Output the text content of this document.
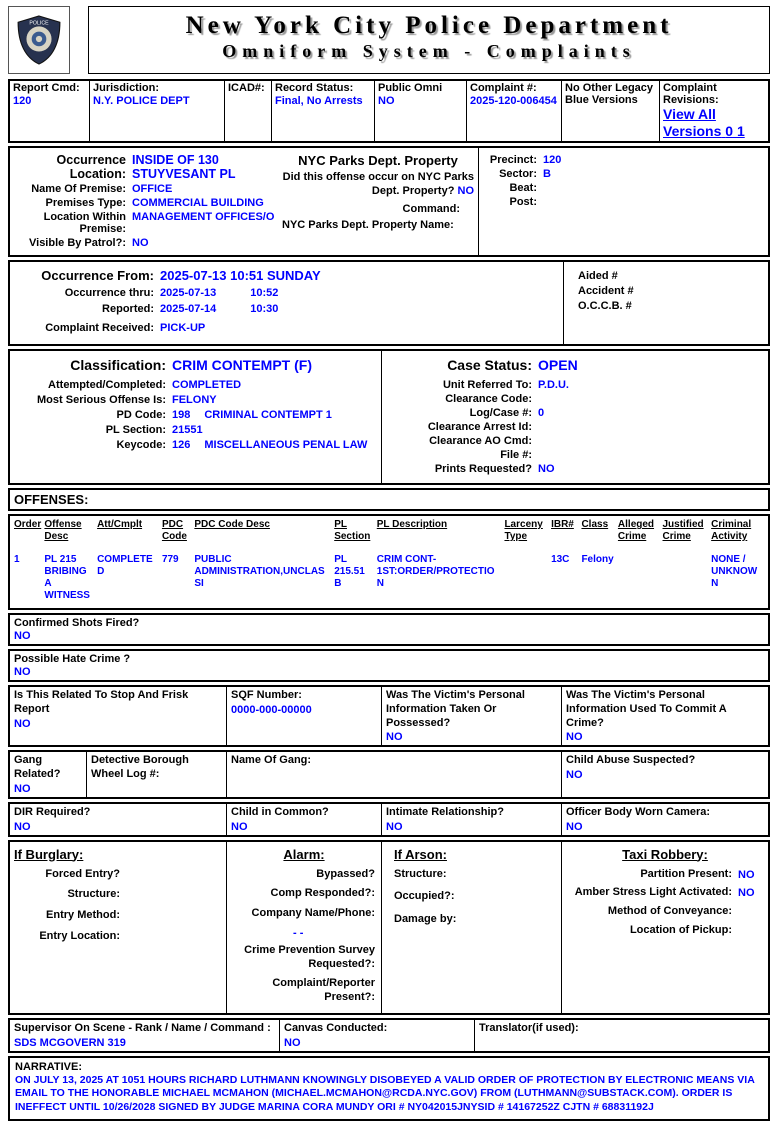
POLICE	New York City Police Department
Omniform System - Complaints
Report Cmd:
120
Jurisdiction:
N.Y. POLICE DEPT
ICAD#: Record Status:
Final, No Arrests
Public Omni
NO
Complaint #:
2025-120-006454
No Other Legacy Blue Versions
Complaint Revisions:
View All Versions 0 1
Occurrence Location:
INSIDE OF 130
STUYVESANT PL
Name Of Premise: OFFICE
Premises Type: COMMERCIAL BUILDING
Location Within Premise:
MANAGEMENT OFFICES/O
Visible By Patrol?: NO
NYC Parks Dept. Property
Did this offense occur on NYC Parks Dept. Property? NO
Command:
NYC Parks Dept. Property Name:
Precinct: 120
Sector: B
Beat:
Post:
Occurrence From: 2025-07-13 10:51 SUNDAY
Occurrence thru: 2025-07-13	10:52
Reported: 2025-07-14	10:30
Complaint Received: PICK-UP
Aided #
Accident #
O.C.C.B. #
Classification: CRIM CONTEMPT (F)
Attempted/Completed: COMPLETED
Most Serious Offense Is: FELONY
PD Code: 198 CRIMINAL CONTEMPT 1
PL Section: 21551
Keycode: 126 MISCELLANEOUS PENAL LAW
Case Status: OPEN
Unit Referred To: P.D.U.
Clearance Code:
Log/Case #: 0
Clearance Arrest Id:
Clearance AO Cmd:
File #:
Prints Requested? NO
OFFENSES:
Order	Offense Desc	Att/Cmplt	PDC Code	PDC Code Desc	PL Section	PL Description	Larceny Type	IBR#	Class	Alleged Crime	Justified Crime	Criminal Activity
1	PL 215 BRIBING A WITNESS	COMPLETED	779	PUBLIC ADMINISTRATION,UNCLASSI	PL 215.51 B	CRIM CONT-1ST:ORDER/PROTECTION		13C	Felony			NONE / UNKNOWN
Confirmed Shots Fired?
NO
Possible Hate Crime ?
NO
Is This Related To Stop And Frisk Report
NO
SQF Number:
0000-000-00000
Was The Victim's Personal Information Taken Or Possessed?
NO
Was The Victim's Personal Information Used To Commit A Crime?
NO
Gang Related?
NO
Detective Borough Wheel Log #:
Name Of Gang:	Child Abuse Suspected?
NO
DIR Required?
NO
Child in Common?
NO
Intimate Relationship?
NO
Officer Body Worn Camera:
NO
If Burglary:
Forced Entry?
Structure:
Entry Method:
Entry Location:
Alarm:
Bypassed?
Comp Responded?:
Company Name/Phone:
- -
Crime Prevention Survey Requested?:
Complaint/Reporter Present?:
If Arson:
Structure:
Occupied?:
Damage by:
Taxi Robbery:
Partition Present: NO
Amber Stress Light Activated: NO
Method of Conveyance:
Location of Pickup:
Supervisor On Scene - Rank / Name / Command :
SDS MCGOVERN 319
Canvas Conducted:
NO
Translator(if used):
NARRATIVE:
ON JULY 13, 2025 AT 1051 HOURS RICHARD LUTHMANN KNOWINGLY DISOBEYED A VALID ORDER OF PROTECTION BY ELECTRONIC MEANS VIA EMAIL TO THE HONORABLE MICHAEL MCMAHON (MICHAEL.MCMAHON@RCDA.NYC.GOV) FROM (LUTHMANN@SUBSTACK.COM). ORDER IS INEFFECT UNTIL 10/26/2028 SIGNED BY JUDGE MARINA CORA MUNDY ORI # NY042015JNYSID # 14167252Z CJTN # 68831192J
